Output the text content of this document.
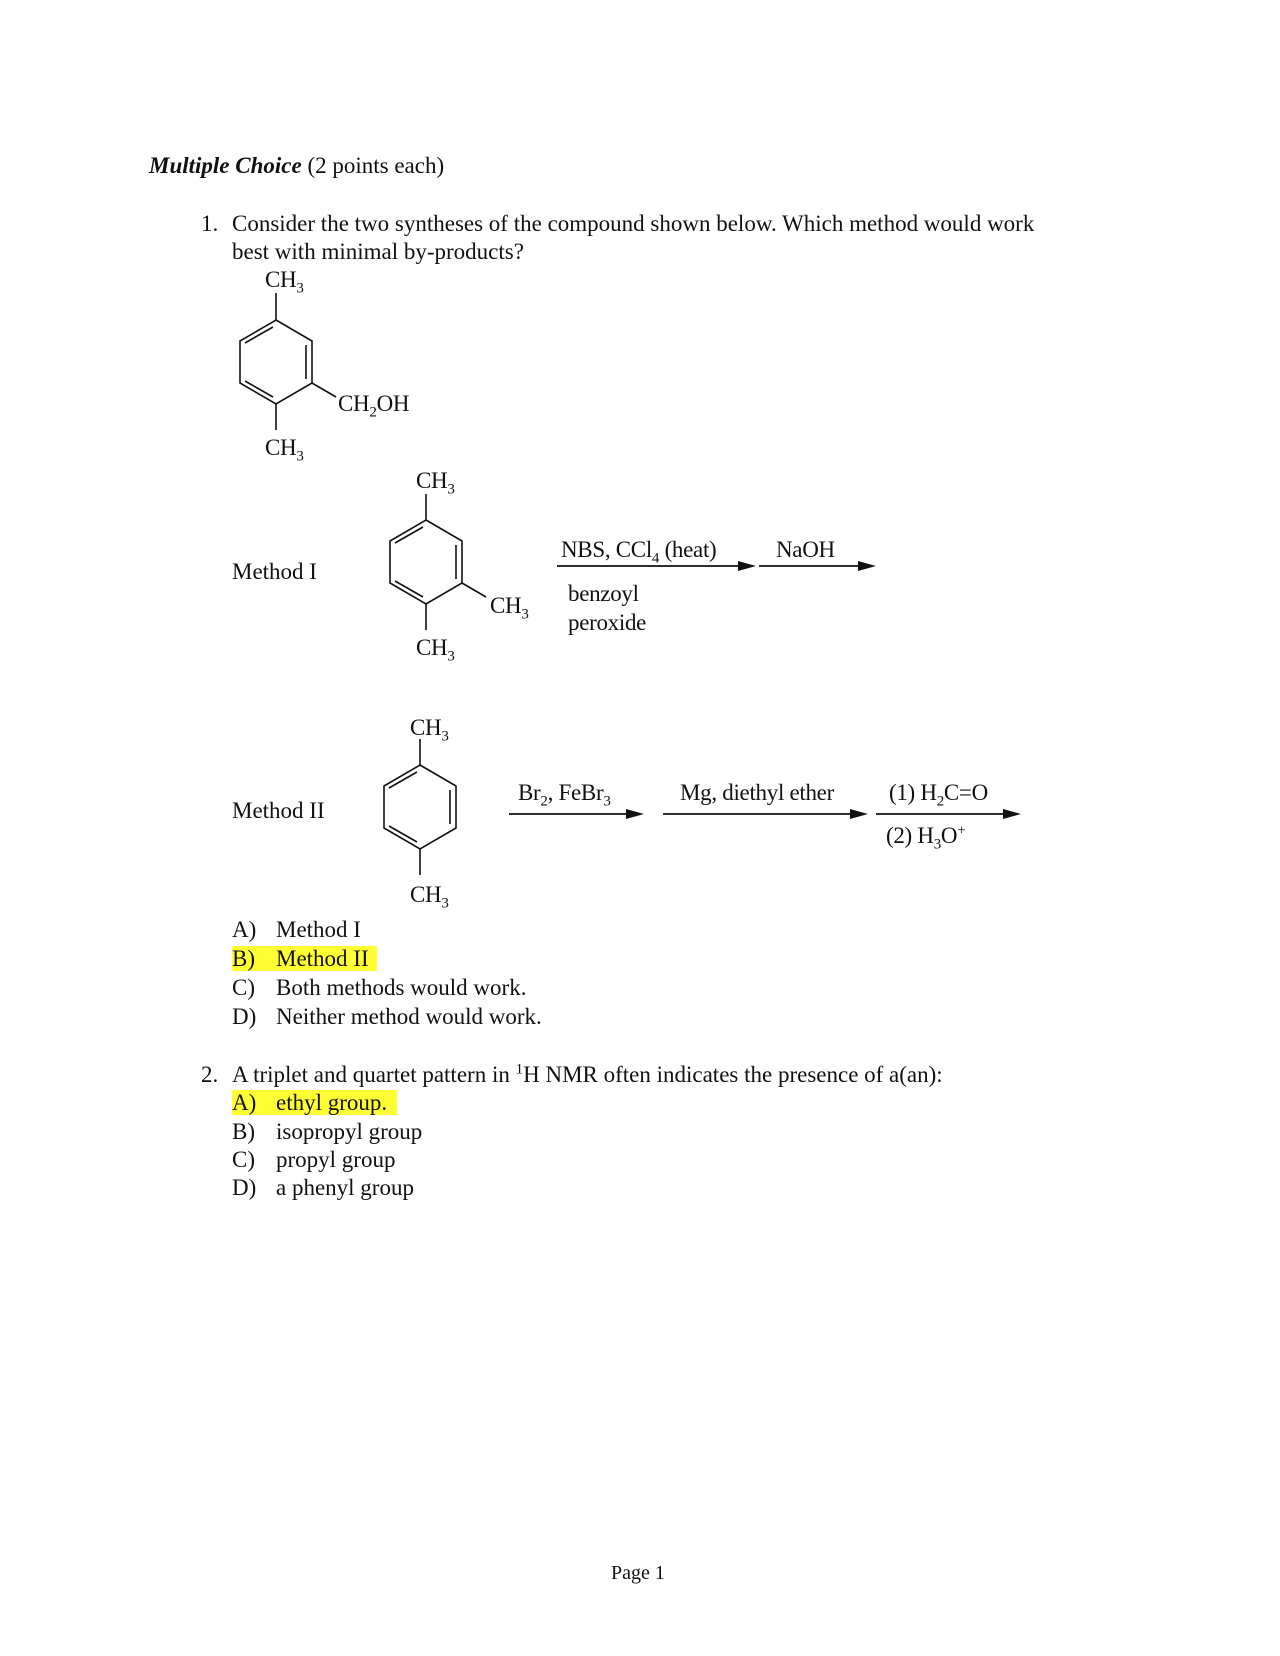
Multiple Choice (2 points each)
1. Consider the two syntheses of the compound shown below. Which method would work
best with minimal by-products?
$CH_3$
$CH_2OH$
$CH_3$
Method I
$CH_3$
$CH_3$
$CH_3$
NBS, CCl$_4$ (heat)
benzoyl
peroxide
NaOH
Method II
$CH_3$
$CH_3$
$Br_2$, FeBr$_3$	Mg, diethyl ether (1) $H_2C=O$
(2) $H_3O^+$
A) Method I
B) Method II
C) Both methods would work.
D) Neither method would work.
2. A triplet and quartet pattern in $^1$H NMR often indicates the presence of a(an):
A) ethyl group.
B) isopropyl group
C) propyl group
D) a phenyl group
Page 1
